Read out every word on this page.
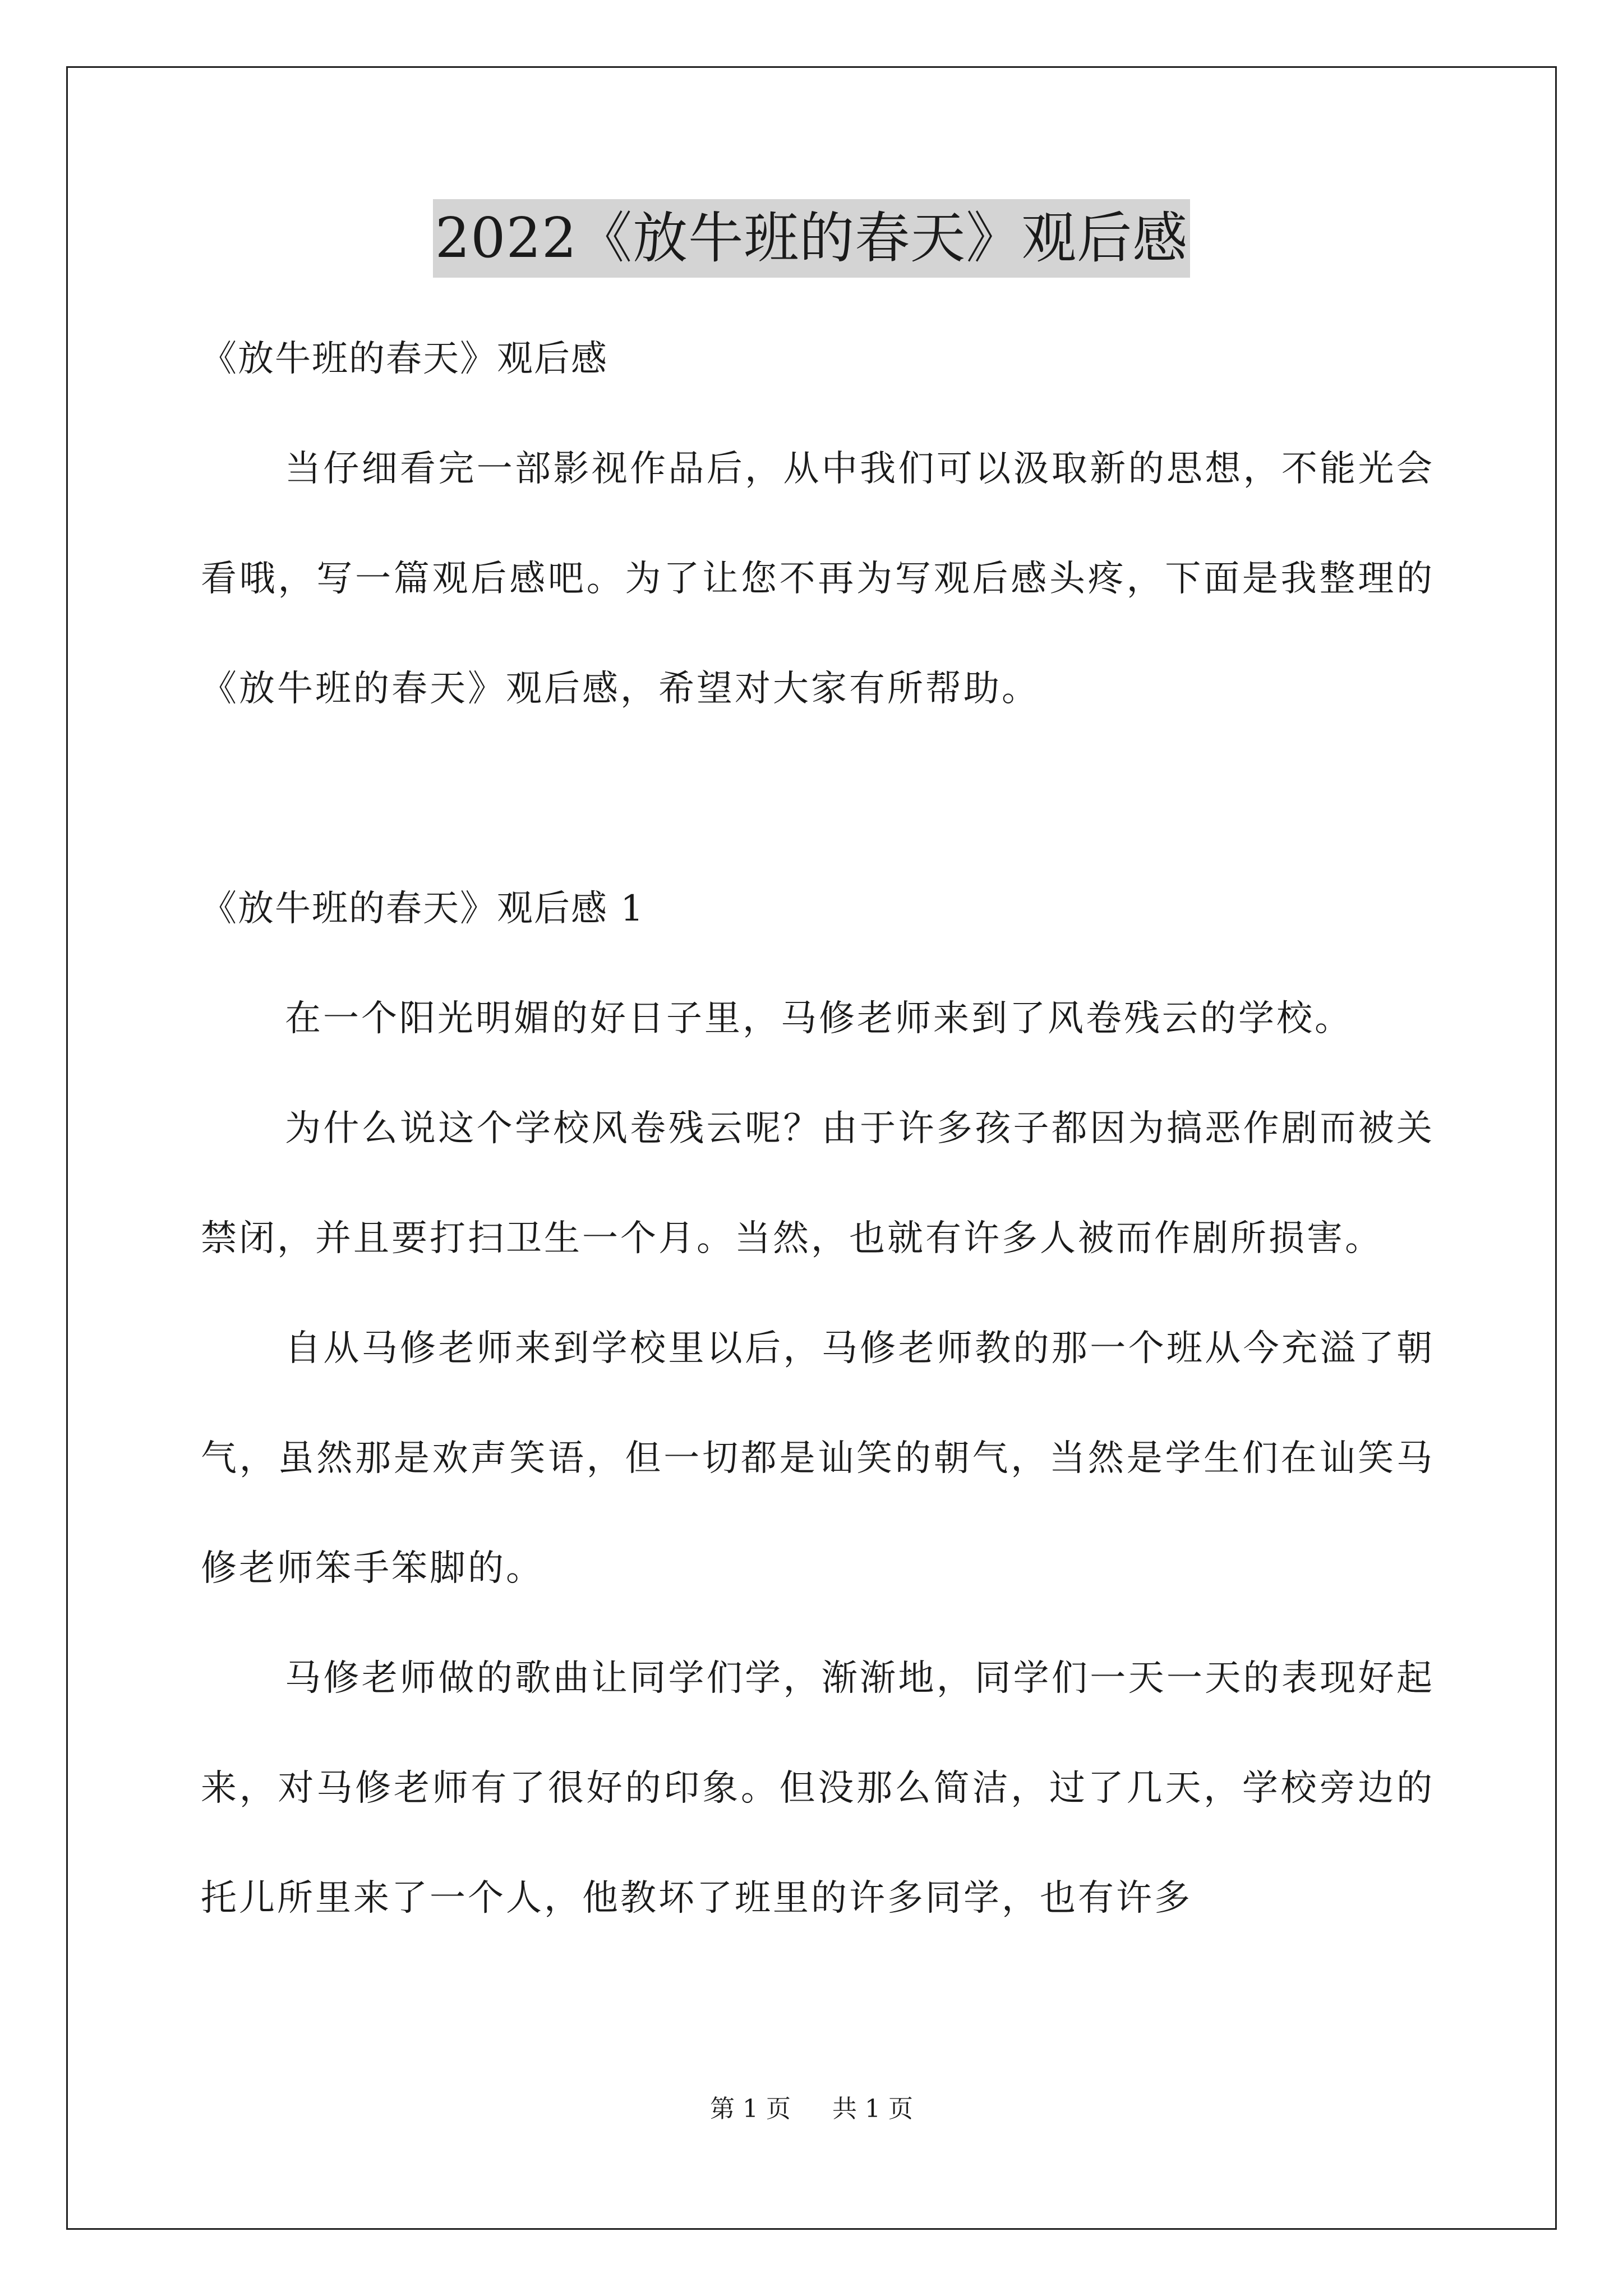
2022《放牛班的春天》观后感

《放牛班的春天》观后感

当仔细看完一部影视作品后，从中我们可以汲取新的思想，不能光会看哦，写一篇观后感吧。为了让您不再为写观后感头疼，下面是我整理的《放牛班的春天》观后感，希望对大家有所帮助。

《放牛班的春天》观后感 1

在一个阳光明媚的好日子里，马修老师来到了风卷残云的学校。

为什么说这个学校风卷残云呢？由于许多孩子都因为搞恶作剧而被关禁闭，并且要打扫卫生一个月。当然，也就有许多人被而作剧所损害。

自从马修老师来到学校里以后，马修老师教的那一个班从今充溢了朝气，虽然那是欢声笑语，但一切都是讪笑的朝气，当然是学生们在讪笑马修老师笨手笨脚的。

马修老师做的歌曲让同学们学，渐渐地，同学们一天一天的表现好起来，对马修老师有了很好的印象。但没那么简洁，过了几天，学校旁边的托儿所里来了一个人，他教坏了班里的许多同学，也有许多

第 1 页 共 1 页
